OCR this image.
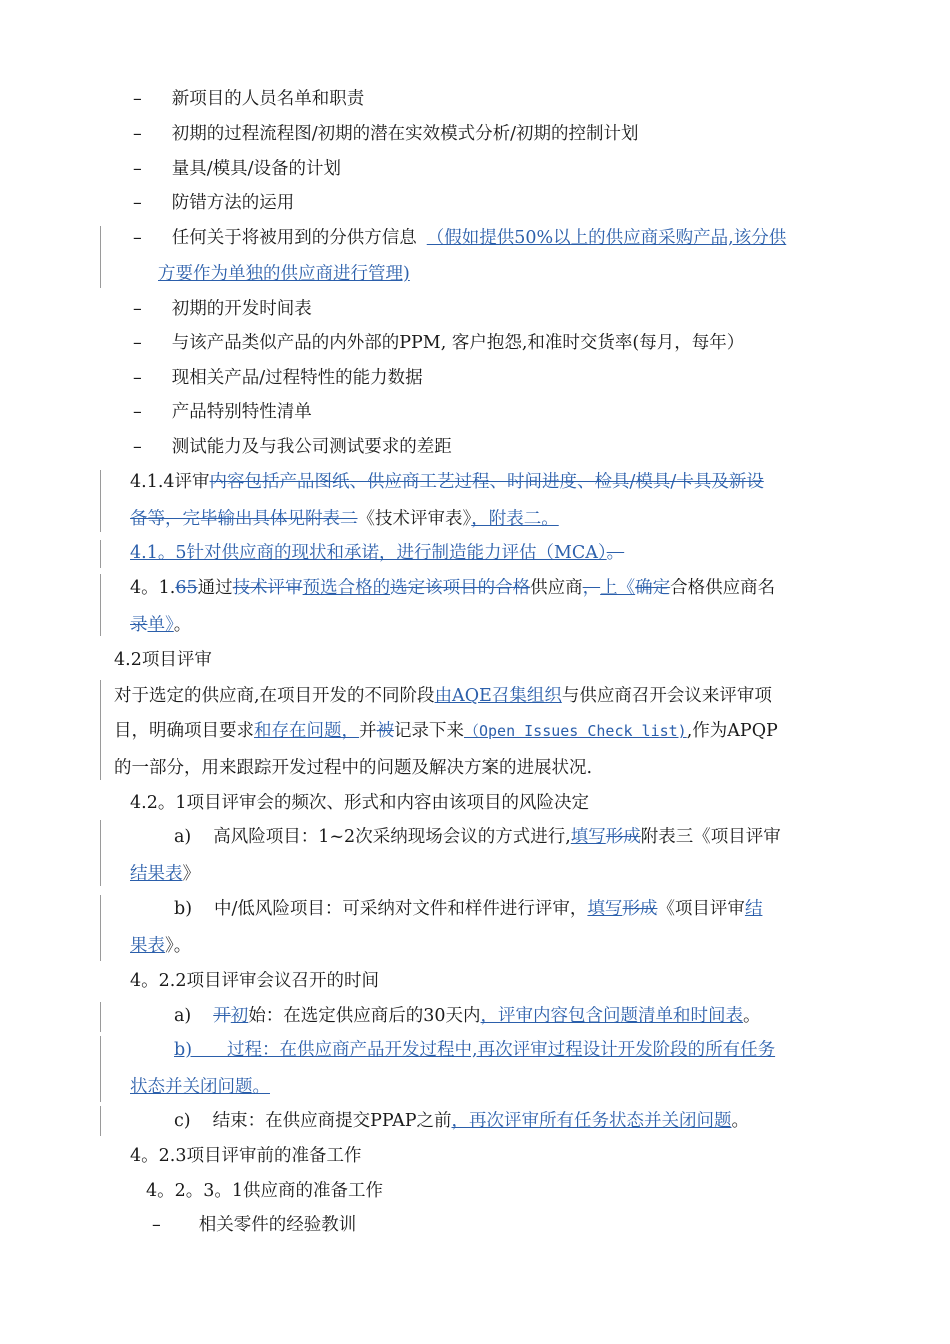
– 新项目的人员名单和职责
– 初期的过程流程图/初期的潜在实效模式分析/初期的控制计划
– 量具/模具/设备的计划
– 防错方法的运用
– 任何关于将被用到的分供方信息 （假如提供50%以上的供应商采购产品,该分供
方要作为单独的供应商进行管理)
– 初期的开发时间表
– 与该产品类似产品的内外部的PPM, 客户抱怨,和准时交货率(每月，每年）
– 现相关产品/过程特性的能力数据
– 产品特别特性清单
– 测试能力及与我公司测试要求的差距
4.1.4评审内容包括产品图纸、供应商工艺过程、时间进度、检具/模具/卡具及新设
备等，完毕输出具体见附表二《技术评审表》，附表二。
4.1。5针对供应商的现状和承诺，进行制造能力评估（MCA）。
4。1.65通过技术评审预选合格的选定该项目的合格供应商，上《确定合格供应商名
录单》。
4.2项目评审
对于选定的供应商,在项目开发的不同阶段由AQE召集组织与供应商召开会议来评审项
目，明确项目要求和存在问题，并被记录下来（Open Issues Check list),作为APQP
的一部分，用来跟踪开发过程中的问题及解决方案的进展状况.
4.2。1项目评审会的频次、形式和内容由该项目的风险决定
a) 高风险项目：1~2次采纳现场会议的方式进行,填写形成附表三《项目评审
结果表》
b) 中/低风险项目：可采纳对文件和样件进行评审，填写形成《项目评审结
果表》。
4。2.2项目评审会议召开的时间
a) 开初始：在选定供应商后的30天内，评审内容包含问题清单和时间表。
b)　　过程：在供应商产品开发过程中,再次评审过程设计开发阶段的所有任务
状态并关闭问题。
c) 结束：在供应商提交PPAP之前，再次评审所有任务状态并关闭问题。
4。2.3项目评审前的准备工作
4。2。3。1供应商的准备工作
– 相关零件的经验教训
